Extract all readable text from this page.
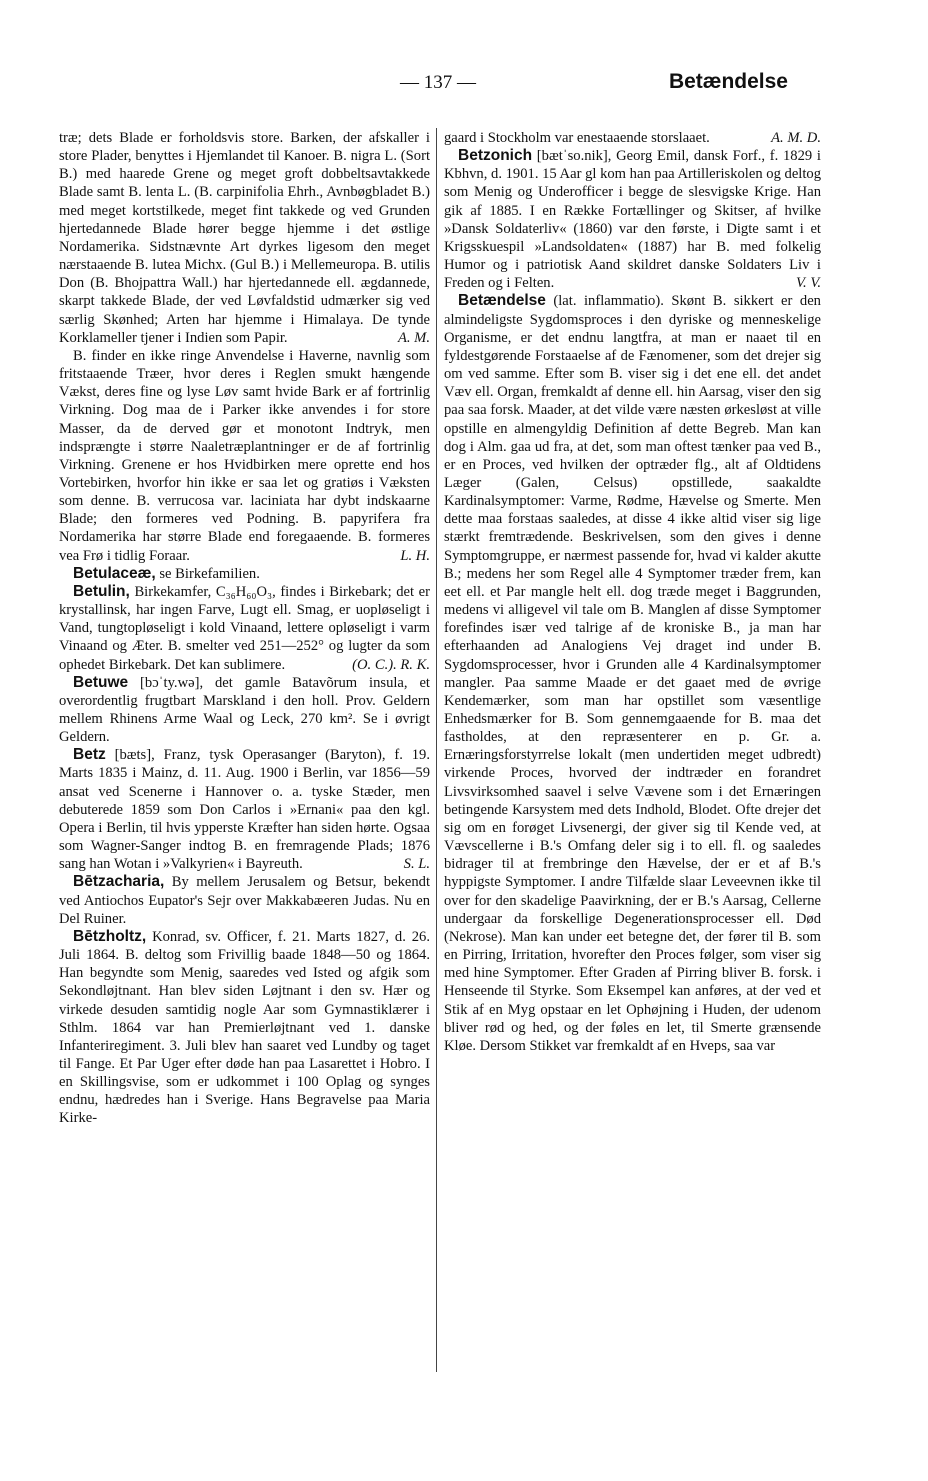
— 137 —	Betændelse

træ; dets Blade er forholdsvis store. Barken, der afskaller i store Plader, benyttes i Hjemlandet til Kanoer. B. nigra L. (Sort B.) med haarede Grene og meget groft dobbeltsavtakkede Blade samt B. lenta L. (B. carpinifolia Ehrh., Avnbøgbladet B.) med meget kortstilkede, meget fint takkede og ved Grunden hjertedannede Blade hører begge hjemme i det østlige Nordamerika. Sidstnævnte Art dyrkes ligesom den meget nærstaaende B. lutea Michx. (Gul B.) i Mellemeuropa. B. utilis Don (B. Bhojpattra Wall.) har hjertedannede ell. ægdannede, skarpt takkede Blade, der ved Løvfaldstid udmærker sig ved særlig Skønhed; Arten har hjemme i Himalaya. De tynde Korklameller tjener i Indien som Papir.	A. M.

B. finder en ikke ringe Anvendelse i Haverne, navnlig som fritstaaende Træer, hvor deres i Reglen smukt hængende Vækst, deres fine og lyse Løv samt hvide Bark er af fortrinlig Virkning. Dog maa de i Parker ikke anvendes i for store Masser, da de derved gør et monotont Indtryk, men indsprængte i større Naaletræplantninger er de af fortrinlig Virkning. Grenene er hos Hvidbirken mere oprette end hos Vortebirken, hvorfor hin ikke er saa let og gratiøs i Væksten som denne. B. verrucosa var. laciniata har dybt indskaarne Blade; den formeres ved Podning. B. papyrifera fra Nordamerika har større Blade end foregaaende. B. formeres vea Frø i tidlig Foraar.	L. H.

Betulaceæ, se Birkefamilien.

Betulin, Birkekamfer, C₃₆H₆₀O₃, findes i Birkebark; det er krystallinsk, har ingen Farve, Lugt ell. Smag, er uopløseligt i Vand, tungtopløseligt i kold Vinaand, lettere opløseligt i varm Vinaand og Æter. B. smelter ved 251—252° og lugter da som ophedet Birkebark. Det kan sublimere.	(O. C.). R. K.

Betuwe [bɔˈty.wə], det gamle Batavõrum insula, et overordentlig frugtbart Marskland i den holl. Prov. Geldern mellem Rhinens Arme Waal og Leck, 270 km². Se i øvrigt Geldern.

Betz [bæts], Franz, tysk Operasanger (Baryton), f. 19. Marts 1835 i Mainz, d. 11. Aug. 1900 i Berlin, var 1856—59 ansat ved Scenerne i Hannover o. a. tyske Stæder, men debuterede 1859 som Don Carlos i »Ernani« paa den kgl. Opera i Berlin, til hvis ypperste Kræfter han siden hørte. Ogsaa som Wagner-Sanger indtog B. en fremragende Plads; 1876 sang han Wotan i »Valkyrien« i Bayreuth.	S. L.

Bētzacharia, By mellem Jerusalem og Betsur, bekendt ved Antiochos Eupator's Sejr over Makkabæeren Judas. Nu en Del Ruiner.

Bētzholtz, Konrad, sv. Officer, f. 21. Marts 1827, d. 26. Juli 1864. B. deltog som Frivillig baade 1848—50 og 1864. Han begyndte som Menig, saaredes ved Isted og afgik som Sekondløjtnant. Han blev siden Løjtnant i den sv. Hær og virkede desuden samtidig nogle Aar som Gymnastiklærer i Sthlm. 1864 var han Premierløjtnant ved 1. danske Infanteriregiment. 3. Juli blev han saaret ved Lundby og taget til Fange. Et Par Uger efter døde han paa Lasarettet i Hobro. I en Skillingsvise, som er udkommet i 100 Oplag og synges endnu, hædredes han i Sverige. Hans Begravelse paa Maria Kirke-

gaard i Stockholm var enestaaende storslaaet.	A. M. D.

Betzonich [bætˈso.nik], Georg Emil, dansk Forf., f. 1829 i Kbhvn, d. 1901. 15 Aar gl kom han paa Artilleriskolen og deltog som Menig og Underofficer i begge de slesvigske Krige. Han gik af 1885. I en Række Fortællinger og Skitser, af hvilke »Dansk Soldaterliv« (1860) var den første, i Digte samt i et Krigsskuespil »Landsoldaten« (1887) har B. med folkelig Humor og i patriotisk Aand skildret danske Soldaters Liv i Freden og i Felten.	V. V.

Betændelse (lat. inflammatio). Skønt B. sikkert er den almindeligste Sygdomsproces i den dyriske og menneskelige Organisme, er det endnu langtfra, at man er naaet til en fyldestgørende Forstaaelse af de Fænomener, som det drejer sig om ved samme. Efter som B. viser sig i det ene ell. det andet Væv ell. Organ, fremkaldt af denne ell. hin Aarsag, viser den sig paa saa forsk. Maader, at det vilde være næsten ørkesløst at ville opstille en almengyldig Definition af dette Begreb. Man kan dog i Alm. gaa ud fra, at det, som man oftest tænker paa ved B., er en Proces, ved hvilken der optræder flg., alt af Oldtidens Læger (Galen, Celsus) opstillede, saakaldte Kardinalsymptomer: Varme, Rødme, Hævelse og Smerte. Men dette maa forstaas saaledes, at disse 4 ikke altid viser sig lige stærkt fremtrædende. Beskrivelsen, som den gives i denne Symptomgruppe, er nærmest passende for, hvad vi kalder akutte B.; medens her som Regel alle 4 Symptomer træder frem, kan eet ell. et Par mangle helt ell. dog træde meget i Baggrunden, medens vi alligevel vil tale om B. Manglen af disse Symptomer forefindes især ved talrige af de kroniske B., ja man har efterhaanden ad Analogiens Vej draget ind under B. Sygdomsprocesser, hvor i Grunden alle 4 Kardinalsymptomer mangler. Paa samme Maade er det gaaet med de øvrige Kendemærker, som man har opstillet som væsentlige Enhedsmærker for B. Som gennemgaaende for B. maa det fastholdes, at den repræsenterer en p. Gr. a. Ernæringsforstyrrelse lokalt (men undertiden meget udbredt) virkende Proces, hvorved der indtræder en forandret Livsvirksomhed saavel i selve Vævene som i det Ernæringen betingende Karsystem med dets Indhold, Blodet. Ofte drejer det sig om en forøget Livsenergi, der giver sig til Kende ved, at Vævscellerne i B.'s Omfang deler sig i to ell. fl. og saaledes bidrager til at frembringe den Hævelse, der er et af B.'s hyppigste Symptomer. I andre Tilfælde slaar Leveevnen ikke til over for den skadelige Paavirkning, der er B.'s Aarsag, Cellerne undergaar da forskellige Degenerationsprocesser ell. Død (Nekrose). Man kan under eet betegne det, der fører til B. som en Pirring, Irritation, hvorefter den Proces følger, som viser sig med hine Symptomer. Efter Graden af Pirring bliver B. forsk. i Henseende til Styrke. Som Eksempel kan anføres, at der ved et Stik af en Myg opstaar en let Ophøjning i Huden, der udenom bliver rød og hed, og der føles en let, til Smerte grænsende Kløe. Dersom Stikket var fremkaldt af en Hveps, saa var
